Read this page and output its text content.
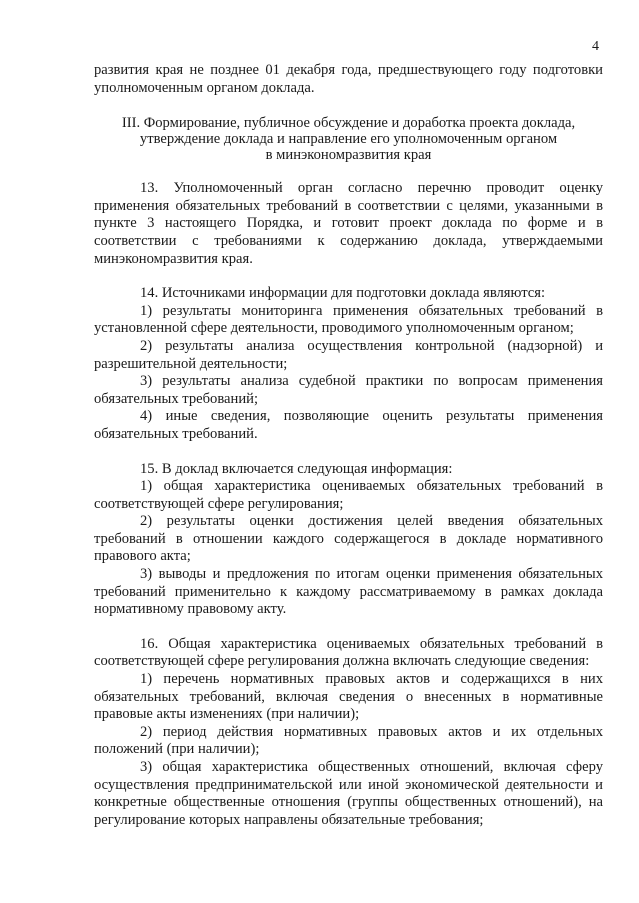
4

развития края не позднее 01 декабря года, предшествующего году подготовки уполномоченным органом доклада.

III. Формирование, публичное обсуждение и доработка проекта доклада,
утверждение доклада и направление его уполномоченным органом
в минэкономразвития края

13. Уполномоченный орган согласно перечню проводит оценку применения обязательных требований в соответствии с целями, указанными в пункте 3 настоящего Порядка, и готовит проект доклада по форме и в соответствии с требованиями к содержанию доклада, утверждаемыми минэкономразвития края.

14. Источниками информации для подготовки доклада являются:

1) результаты мониторинга применения обязательных требований в установленной сфере деятельности, проводимого уполномоченным органом;

2) результаты анализа осуществления контрольной (надзорной) и разрешительной деятельности;

3) результаты анализа судебной практики по вопросам применения обязательных требований;

4) иные сведения, позволяющие оценить результаты применения обязательных требований.

15. В доклад включается следующая информация:

1) общая характеристика оцениваемых обязательных требований в соответствующей сфере регулирования;

2) результаты оценки достижения целей введения обязательных требований в отношении каждого содержащегося в докладе нормативного правового акта;

3) выводы и предложения по итогам оценки применения обязательных требований применительно к каждому рассматриваемому в рамках доклада нормативному правовому акту.

16. Общая характеристика оцениваемых обязательных требований в соответствующей сфере регулирования должна включать следующие сведения:

1) перечень нормативных правовых актов и содержащихся в них обязательных требований, включая сведения о внесенных в нормативные правовые акты изменениях (при наличии);

2) период действия нормативных правовых актов и их отдельных положений (при наличии);

3) общая характеристика общественных отношений, включая сферу осуществления предпринимательской или иной экономической деятельности и конкретные общественные отношения (группы общественных отношений), на регулирование которых направлены обязательные требования;
